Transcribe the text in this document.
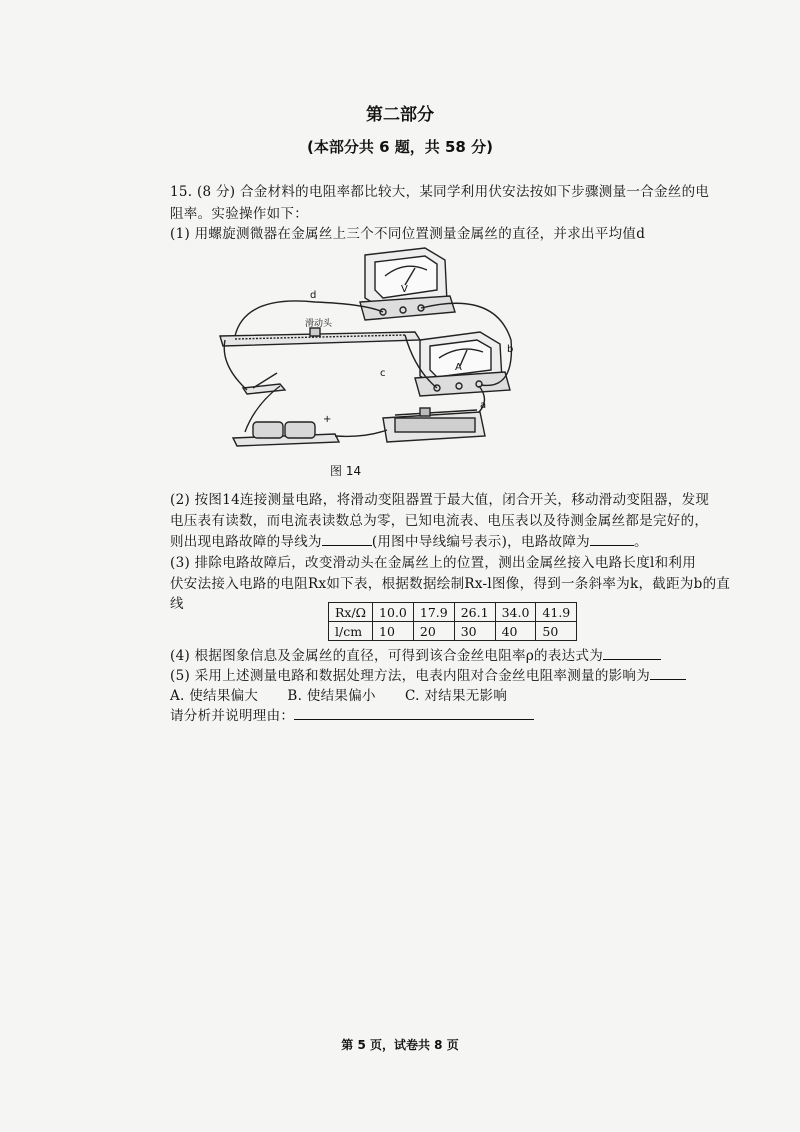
第二部分
(本部分共 6 题，共 58 分)
15. (8 分) 合金材料的电阻率都比较大，某同学利用伏安法按如下步骤测量一合金丝的电
阻率。实验操作如下：
(1) 用螺旋测微器在金属丝上三个不同位置测量金属丝的直径，并求出平均值d
d
b
c
a
+
滑动头
V
A
图 14
(2) 按图14连接测量电路，将滑动变阻器置于最大值，闭合开关，移动滑动变阻器，发现
电压表有读数，而电流表读数总为零，已知电流表、电压表以及待测金属丝都是完好的，
则出现电路故障的导线为	(用图中导线编号表示)，电路故障为	。
(3) 排除电路故障后，改变滑动头在金属丝上的位置，测出金属丝接入电路长度l和利用
伏安法接入电路的电阻Rx如下表，根据数据绘制Rx-l图像，得到一条斜率为k，截距为b的直
线	Rx/Ω	10.0	17.9	26.1	34.0	41.9
l/cm	10	20	30	40	50
(4) 根据图象信息及金属丝的直径，可得到该合金丝电阻率ρ的表达式为
(5) 采用上述测量电路和数据处理方法，电表内阻对合金丝电阻率测量的影响为
A. 使结果偏大 B. 使结果偏小 C. 对结果无影响
请分析并说明理由：
第 5 页，试卷共 8 页
